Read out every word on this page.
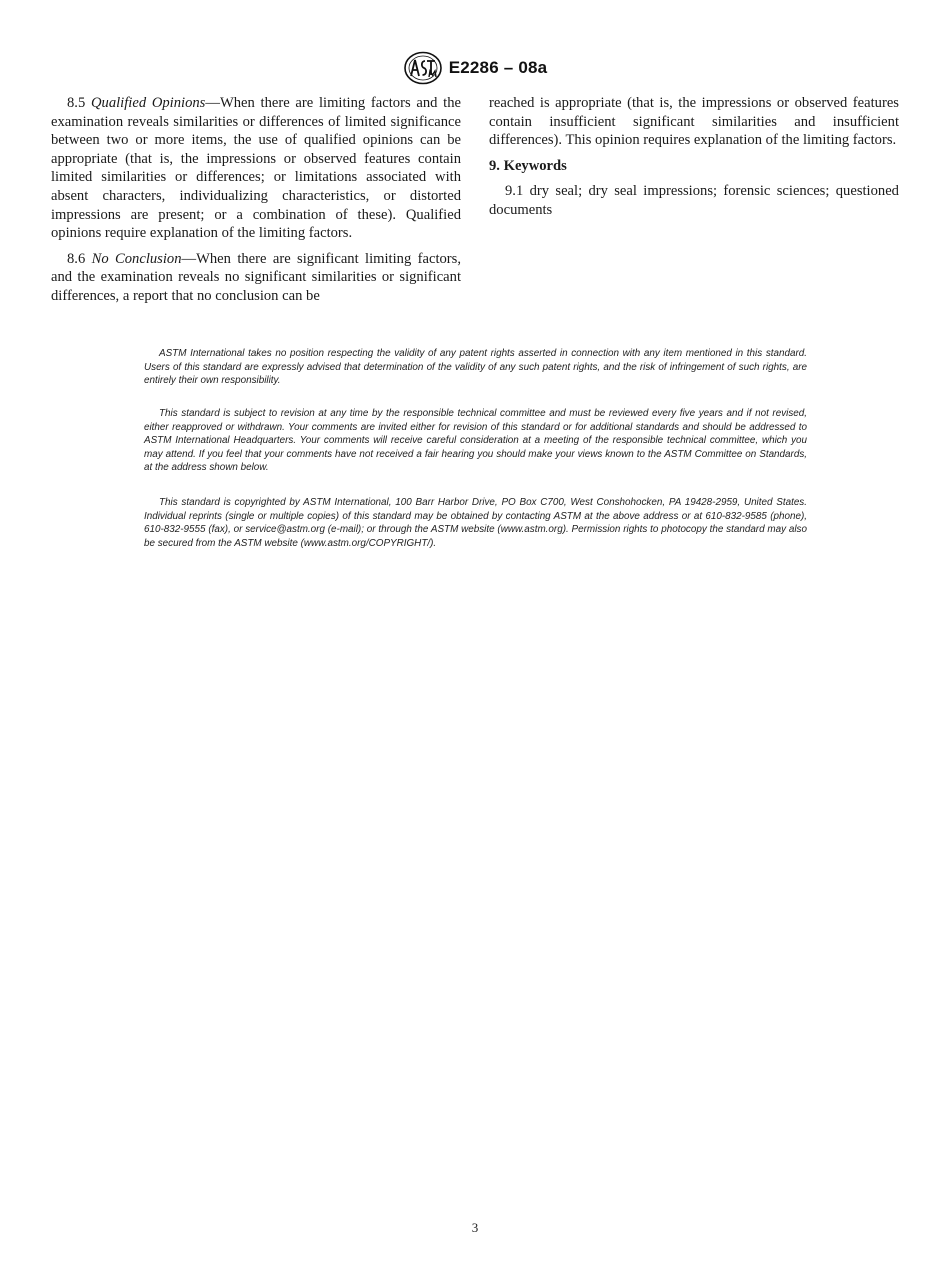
E2286 – 08a

8.5 Qualified Opinions—When there are limiting factors and the examination reveals similarities or differences of limited significance between two or more items, the use of qualified opinions can be appropriate (that is, the impressions or observed features contain limited similarities or differences; or limitations associated with absent characters, individualizing characteristics, or distorted impressions are present; or a combination of these). Qualified opinions require explanation of the limiting factors.

8.6 No Conclusion—When there are significant limiting factors, and the examination reveals no significant similarities or significant differences, a report that no conclusion can be

reached is appropriate (that is, the impressions or observed features contain insufficient significant similarities and insufficient differences). This opinion requires explanation of the limiting factors.

9. Keywords

9.1 dry seal; dry seal impressions; forensic sciences; questioned documents

ASTM International takes no position respecting the validity of any patent rights asserted in connection with any item mentioned in this standard. Users of this standard are expressly advised that determination of the validity of any such patent rights, and the risk of infringement of such rights, are entirely their own responsibility.

This standard is subject to revision at any time by the responsible technical committee and must be reviewed every five years and if not revised, either reapproved or withdrawn. Your comments are invited either for revision of this standard or for additional standards and should be addressed to ASTM International Headquarters. Your comments will receive careful consideration at a meeting of the responsible technical committee, which you may attend. If you feel that your comments have not received a fair hearing you should make your views known to the ASTM Committee on Standards, at the address shown below.

This standard is copyrighted by ASTM International, 100 Barr Harbor Drive, PO Box C700, West Conshohocken, PA 19428-2959, United States. Individual reprints (single or multiple copies) of this standard may be obtained by contacting ASTM at the above address or at 610-832-9585 (phone), 610-832-9555 (fax), or service@astm.org (e-mail); or through the ASTM website (www.astm.org). Permission rights to photocopy the standard may also be secured from the ASTM website (www.astm.org/COPYRIGHT/).

3
